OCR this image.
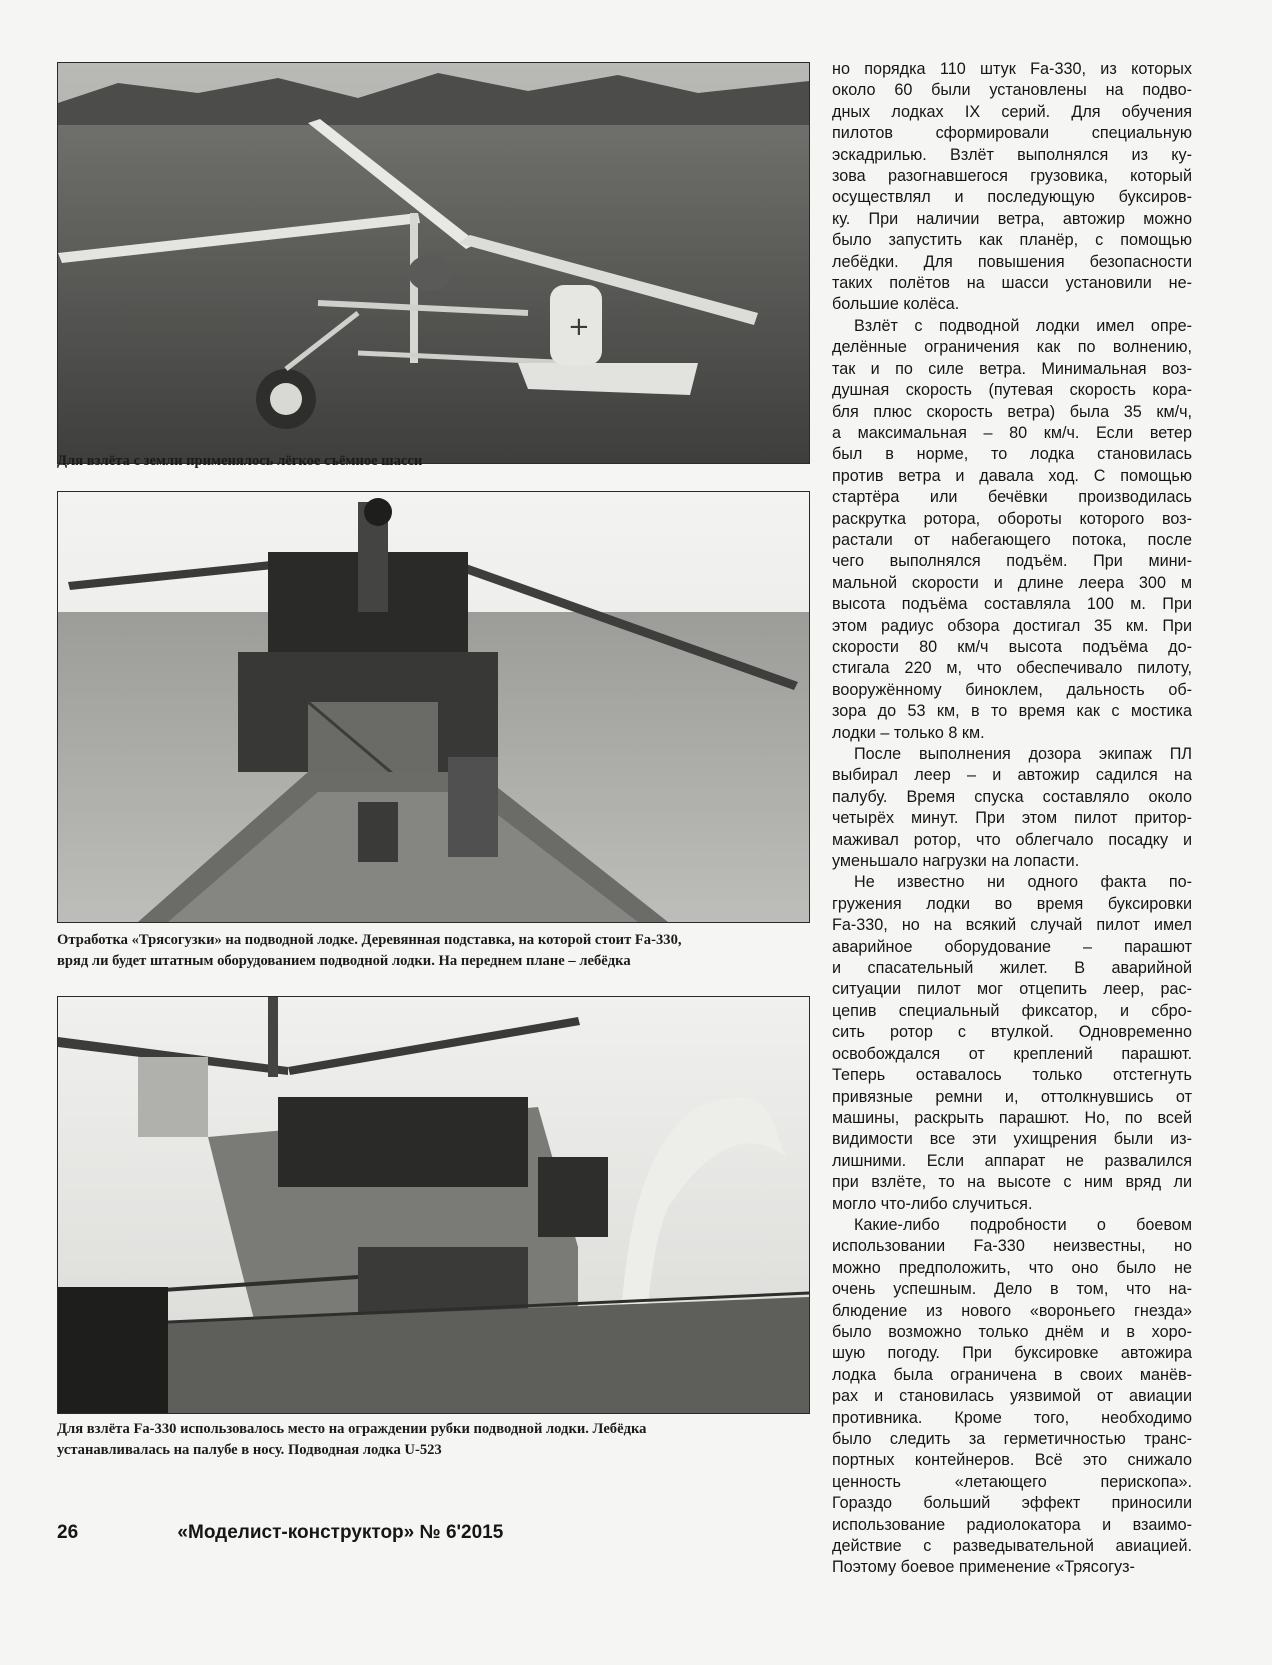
+
Для взлёта с земли применялось лёгкое съёмное шасси
Отработка «Трясогузки» на подводной лодке. Деревянная подставка, на которой стоит Fa-330,
вряд ли будет штатным оборудованием подводной лодки. На переднем плане – лебёдка
Для взлёта Fa-330 использовалось место на ограждении рубки подводной лодки. Лебёдка
устанавливалась на палубе в носу. Подводная лодка U-523

но порядка 110 штук Fa-330, из которых
около 60 были установлены на подво-
дных лодках IX серий. Для обучения
пилотов сформировали специальную
эскадрилью. Взлёт выполнялся из ку-
зова разогнавшегося грузовика, который
осуществлял и последующую буксиров-
ку. При наличии ветра, автожир можно
было запустить как планёр, с помощью
лебёдки. Для повышения безопасности
таких полётов на шасси установили не-
большие колёса.

Взлёт с подводной лодки имел опре-
делённые ограничения как по волнению,
так и по силе ветра. Минимальная воз-
душная скорость (путевая скорость кора-
бля плюс скорость ветра) была 35 км/ч,
а максимальная – 80 км/ч. Если ветер
был в норме, то лодка становилась
против ветра и давала ход. С помощью
стартёра или бечёвки производилась
раскрутка ротора, обороты которого воз-
растали от набегающего потока, после
чего выполнялся подъём. При мини-
мальной скорости и длине леера 300 м
высота подъёма составляла 100 м. При
этом радиус обзора достигал 35 км. При
скорости 80 км/ч высота подъёма до-
стигала 220 м, что обеспечивало пилоту,
вооружённому биноклем, дальность об-
зора до 53 км, в то время как с мостика
лодки – только 8 км.

После выполнения дозора экипаж ПЛ
выбирал леер – и автожир садился на
палубу. Время спуска составляло около
четырёх минут. При этом пилот притор-
маживал ротор, что облегчало посадку и
уменьшало нагрузки на лопасти.

Не известно ни одного факта по-
гружения лодки во время буксировки
Fa-330, но на всякий случай пилот имел
аварийное оборудование – парашют
и спасательный жилет. В аварийной
ситуации пилот мог отцепить леер, рас-
цепив специальный фиксатор, и сбро-
сить ротор с втулкой. Одновременно
освобождался от креплений парашют.
Теперь оставалось только отстегнуть
привязные ремни и, оттолкнувшись от
машины, раскрыть парашют. Но, по всей
видимости все эти ухищрения были из-
лишними. Если аппарат не развалился
при взлёте, то на высоте с ним вряд ли
могло что-либо случиться.

Какие-либо подробности о боевом
использовании Fa-330 неизвестны, но
можно предположить, что оно было не
очень успешным. Дело в том, что на-
блюдение из нового «вороньего гнезда»
было возможно только днём и в хоро-
шую погоду. При буксировке автожира
лодка была ограничена в своих манёв-
рах и становилась уязвимой от авиации
противника. Кроме того, необходимо
было следить за герметичностью транс-
портных контейнеров. Всё это снижало
ценность «летающего перископа».
Гораздо больший эффект приносили
использование радиолокатора и взаимо-
действие с разведывательной авиацией.
Поэтому боевое применение «Трясогуз-

26	«Моделист-конструктор» № 6'2015
